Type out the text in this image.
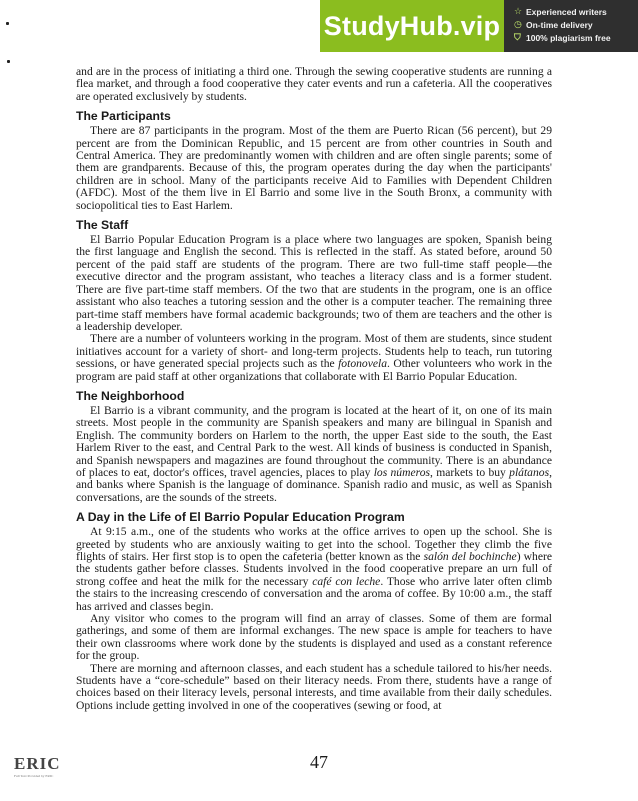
StudyHub.vip ☆ Experienced writers
◷ On-time delivery
⛉ 100% plagiarism free

and are in the process of initiating a third one. Through the sewing cooperative students are running a flea market, and through a food cooperative they cater events and run a cafeteria. All the cooperatives are operated exclusively by students.

The Participants

There are 87 participants in the program. Most of the them are Puerto Rican (56 percent), but 29 percent are from the Dominican Republic, and 15 percent are from other countries in South and Central America. They are predominantly women with children and are often single parents; some of them are grandparents. Because of this, the program operates during the day when the participants' children are in school. Many of the participants receive Aid to Families with Dependent Children (AFDC). Most of the them live in El Barrio and some live in the South Bronx, a community with sociopolitical ties to East Harlem.

The Staff

El Barrio Popular Education Program is a place where two languages are spoken, Spanish being the first language and English the second. This is reflected in the staff. As stated before, around 50 percent of the paid staff are students of the program. There are two full-time staff people—the executive director and the program assistant, who teaches a literacy class and is a former student. There are five part-time staff members. Of the two that are students in the program, one is an office assistant who also teaches a tutoring session and the other is a computer teacher. The remaining three part-time staff members have formal academic backgrounds; two of them are teachers and the other is a leadership developer.

There are a number of volunteers working in the program. Most of them are students, since student initiatives account for a variety of short- and long-term projects. Students help to teach, run tutoring sessions, or have generated special projects such as the fotonovela. Other volunteers who work in the program are paid staff at other organizations that collaborate with El Barrio Popular Education.

The Neighborhood

El Barrio is a vibrant community, and the program is located at the heart of it, on one of its main streets. Most people in the community are Spanish speakers and many are bilingual in Spanish and English. The community borders on Harlem to the north, the upper East side to the south, the East Harlem River to the east, and Central Park to the west. All kinds of business is conducted in Spanish, and Spanish newspapers and magazines are found throughout the community. There is an abundance of places to eat, doctor's offices, travel agencies, places to play los números, markets to buy plátanos, and banks where Spanish is the language of dominance. Spanish radio and music, as well as Spanish conversations, are the sounds of the streets.

A Day in the Life of El Barrio Popular Education Program

At 9:15 a.m., one of the students who works at the office arrives to open up the school. She is greeted by students who are anxiously waiting to get into the school. Together they climb the five flights of stairs. Her first stop is to open the cafeteria (better known as the salón del bochinche) where the students gather before classes. Students involved in the food cooperative prepare an urn full of strong coffee and heat the milk for the necessary café con leche. Those who arrive later often climb the stairs to the increasing crescendo of conversation and the aroma of coffee. By 10:00 a.m., the staff has arrived and classes begin.

Any visitor who comes to the program will find an array of classes. Some of them are formal gatherings, and some of them are informal exchanges. The new space is ample for teachers to have their own classrooms where work done by the students is displayed and used as a constant reference for the group.

There are morning and afternoon classes, and each student has a schedule tailored to his/her needs. Students have a “core-schedule” based on their literacy needs. From there, students have a range of choices based on their literacy levels, personal interests, and time available from their daily schedules. Options include getting involved in one of the cooperatives (sewing or food, at

47
ERIC
Full Text Provided by ERIC
